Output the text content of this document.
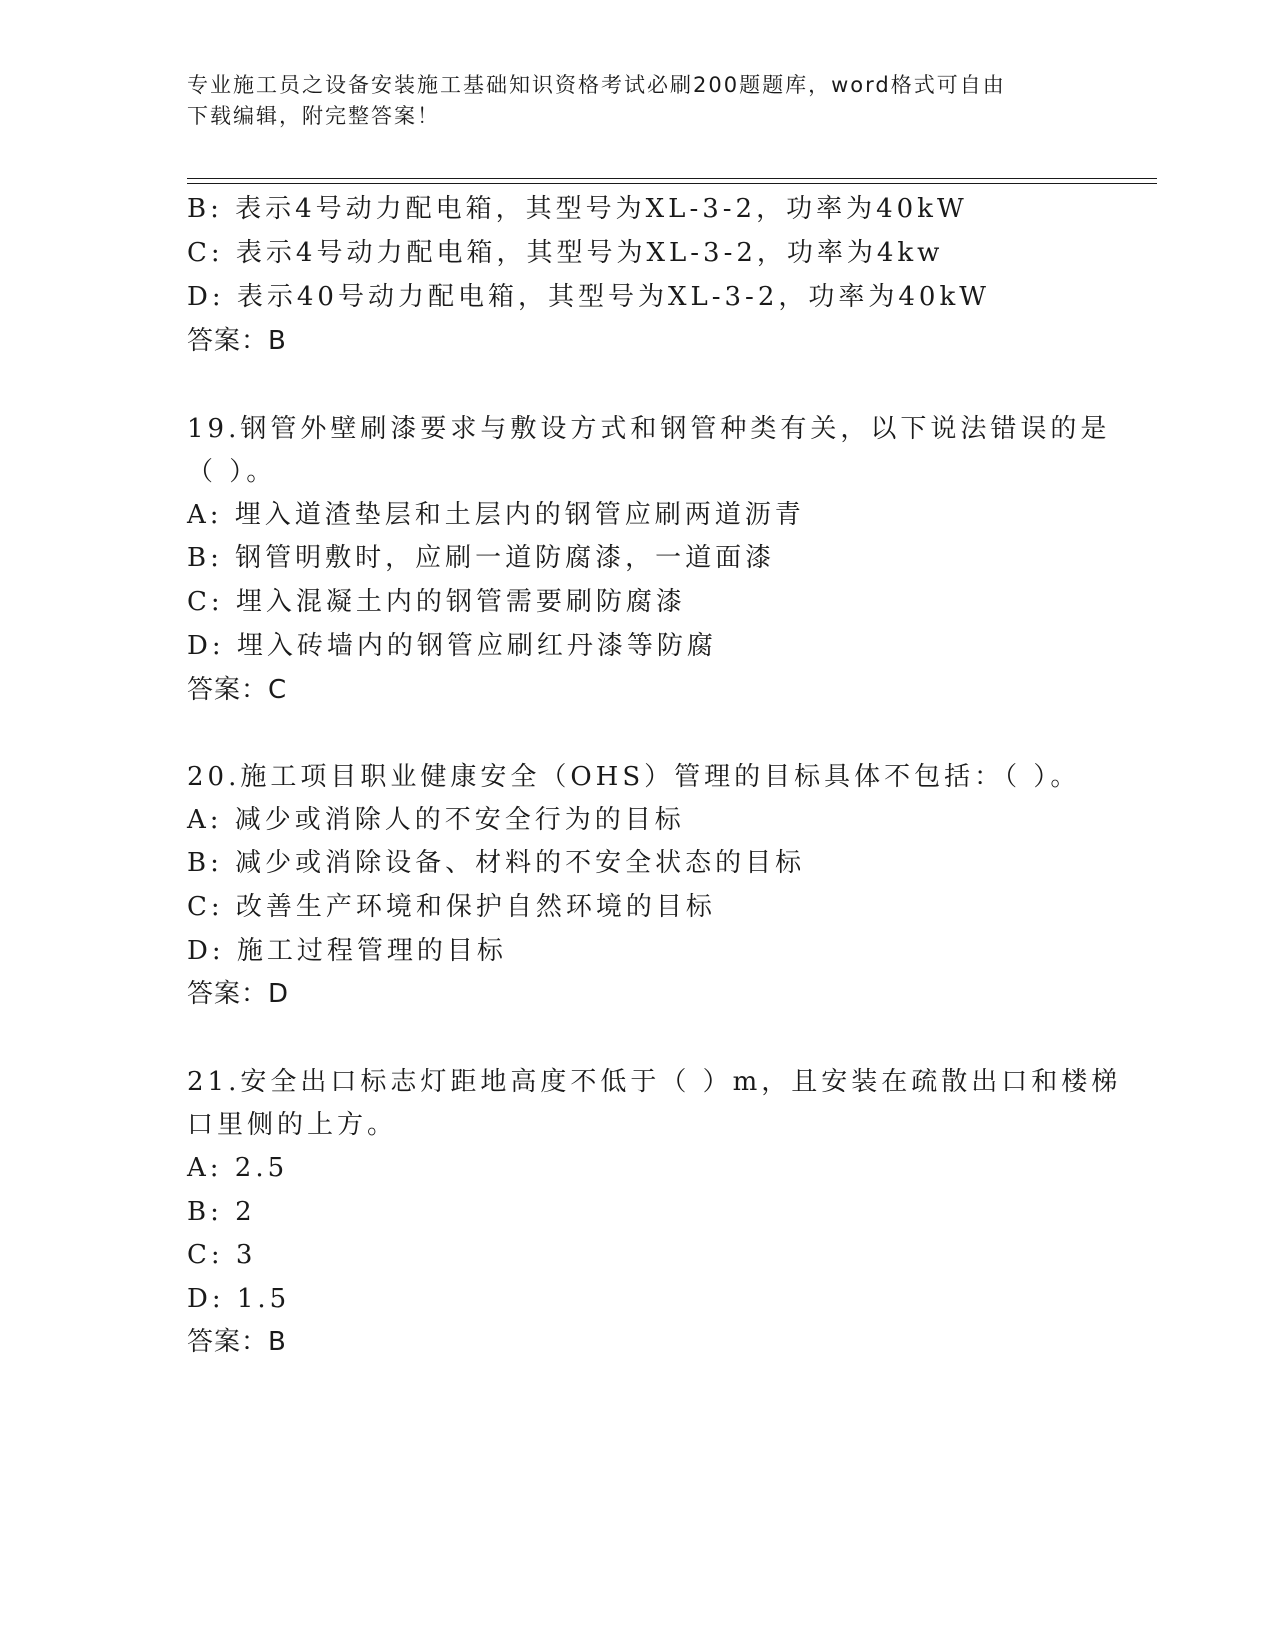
专业施工员之设备安装施工基础知识资格考试必刷200题题库，word格式可自由
下载编辑，附完整答案！
B: 表示4号动力配电箱，其型号为XL-3-2，功率为40kW
C: 表示4号动力配电箱，其型号为XL-3-2，功率为4kw
D: 表示40号动力配电箱，其型号为XL-3-2，功率为40kW
答案：B
19.钢管外壁刷漆要求与敷设方式和钢管种类有关，以下说法错误的是
（ ）。
A: 埋入道渣垫层和土层内的钢管应刷两道沥青
B: 钢管明敷时，应刷一道防腐漆，一道面漆
C: 埋入混凝土内的钢管需要刷防腐漆
D: 埋入砖墙内的钢管应刷红丹漆等防腐
答案：C
20.施工项目职业健康安全（OHS）管理的目标具体不包括：（ ）。
A: 减少或消除人的不安全行为的目标
B: 减少或消除设备、材料的不安全状态的目标
C: 改善生产环境和保护自然环境的目标
D: 施工过程管理的目标
答案：D
21.安全出口标志灯距地高度不低于（ ）m，且安装在疏散出口和楼梯
口里侧的上方。
A: 2.5
B: 2
C: 3
D: 1.5
答案：B
